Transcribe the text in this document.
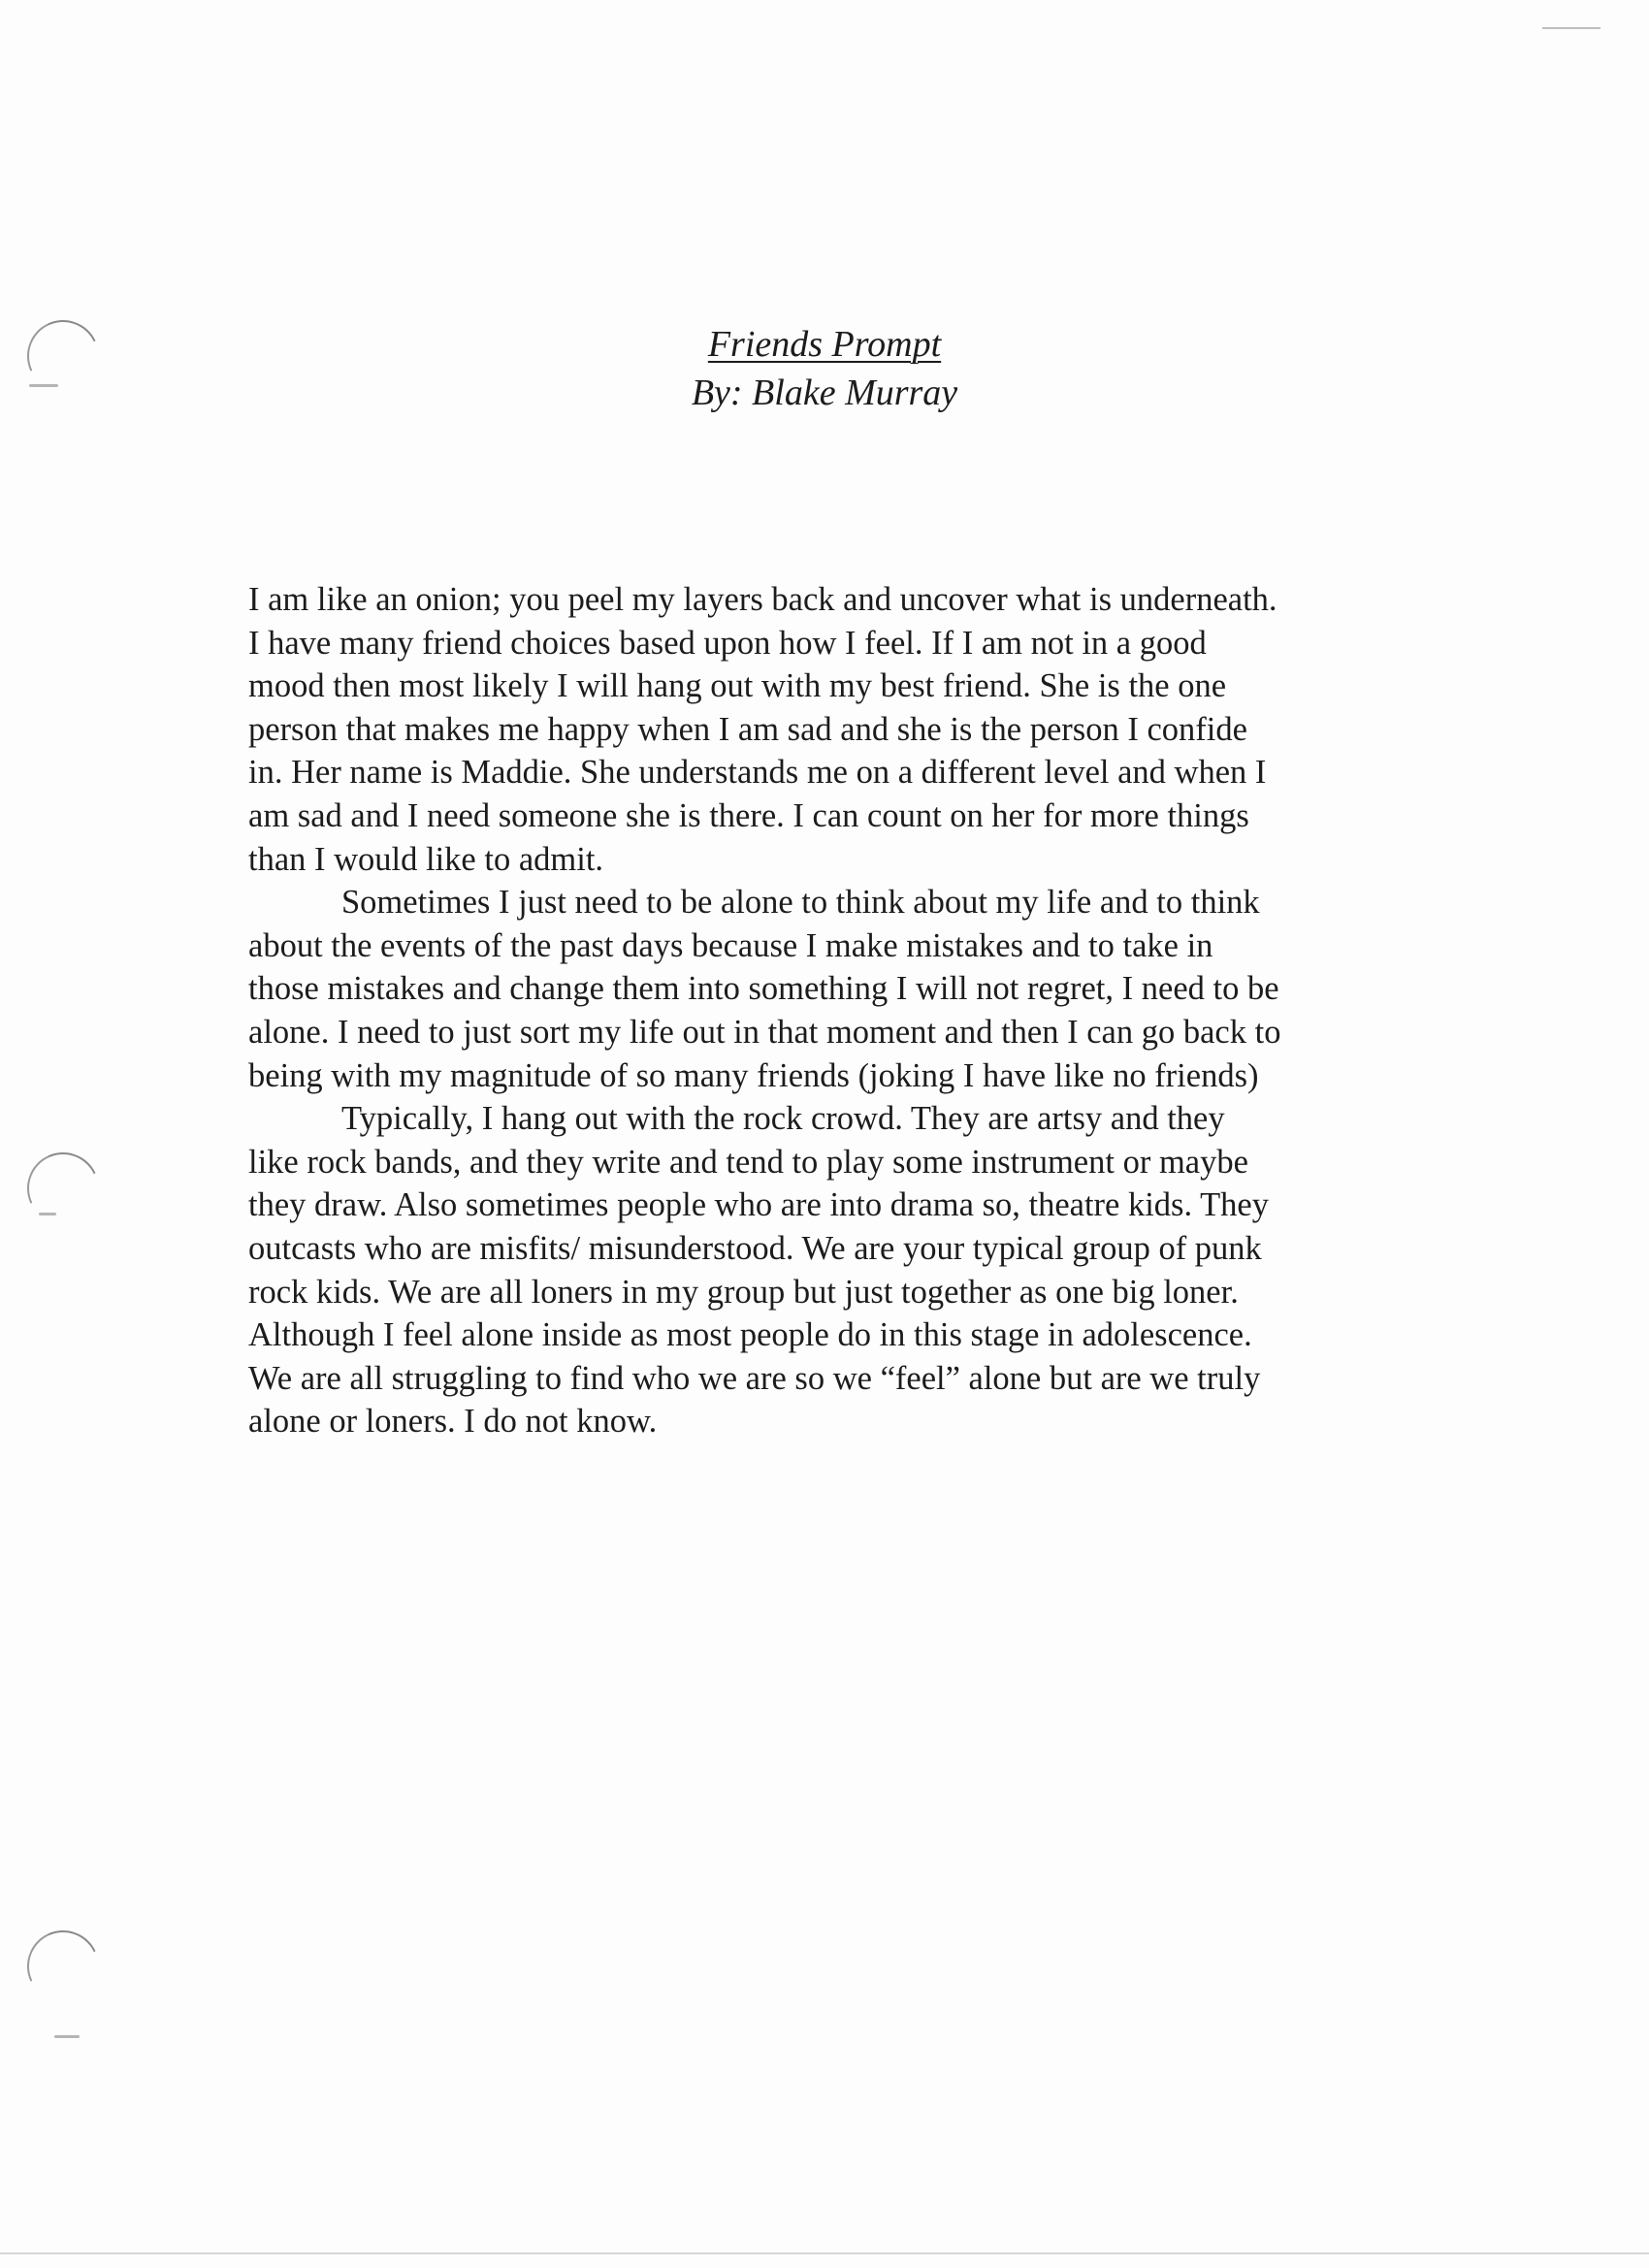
Friends Prompt
By: Blake Murray
I am like an onion; you peel my layers back and uncover what is underneath.
I have many friend choices based upon how I feel. If I am not in a good
mood then most likely I will hang out with my best friend. She is the one
person that makes me happy when I am sad and she is the person I confide
in. Her name is Maddie. She understands me on a different level and when I
am sad and I need someone she is there. I can count on her for more things
than I would like to admit.
Sometimes I just need to be alone to think about my life and to think
about the events of the past days because I make mistakes and to take in
those mistakes and change them into something I will not regret, I need to be
alone. I need to just sort my life out in that moment and then I can go back to
being with my magnitude of so many friends (joking I have like no friends)
Typically, I hang out with the rock crowd. They are artsy and they
like rock bands, and they write and tend to play some instrument or maybe
they draw. Also sometimes people who are into drama so, theatre kids. They
outcasts who are misfits/ misunderstood. We are your typical group of punk
rock kids. We are all loners in my group but just together as one big loner.
Although I feel alone inside as most people do in this stage in adolescence.
We are all struggling to find who we are so we “feel” alone but are we truly
alone or loners. I do not know.
